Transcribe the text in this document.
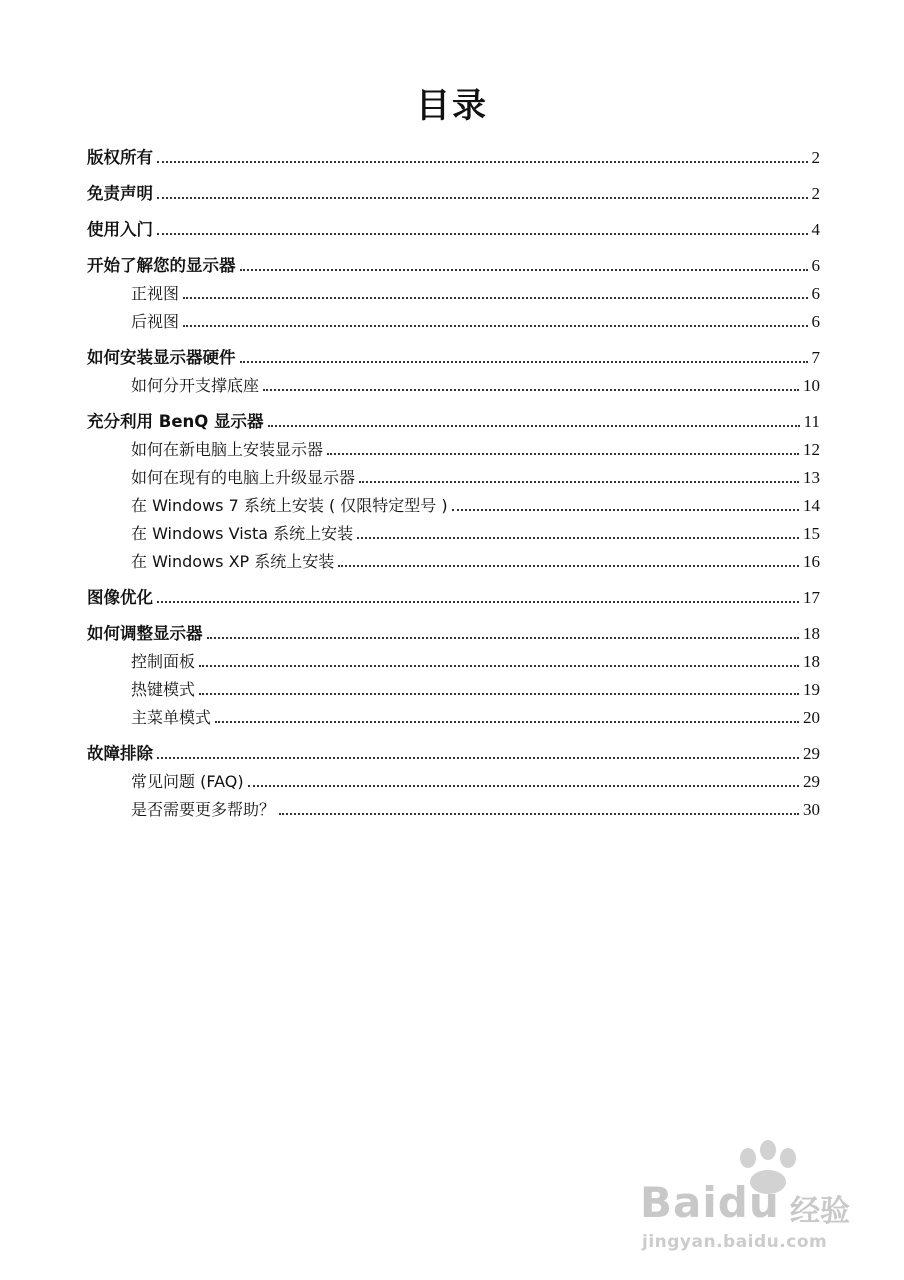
目录
版权所有	2
免责声明	2
使用入门	4
开始了解您的显示器	6
正视图	6
后视图	6
如何安装显示器硬件	7
如何分开支撑底座	10
充分利用 BenQ 显示器	11
如何在新电脑上安装显示器	12
如何在现有的电脑上升级显示器	13
在 Windows 7 系统上安装 ( 仅限特定型号 )	14
在 Windows Vista 系统上安装	15
在 Windows XP 系统上安装	16
图像优化	17
如何调整显示器	18
控制面板	18
热键模式	19
主菜单模式	20
故障排除	29
常见问题 (FAQ)	29
是否需要更多帮助？	30
Baidu 经验
jingyan.baidu.com
